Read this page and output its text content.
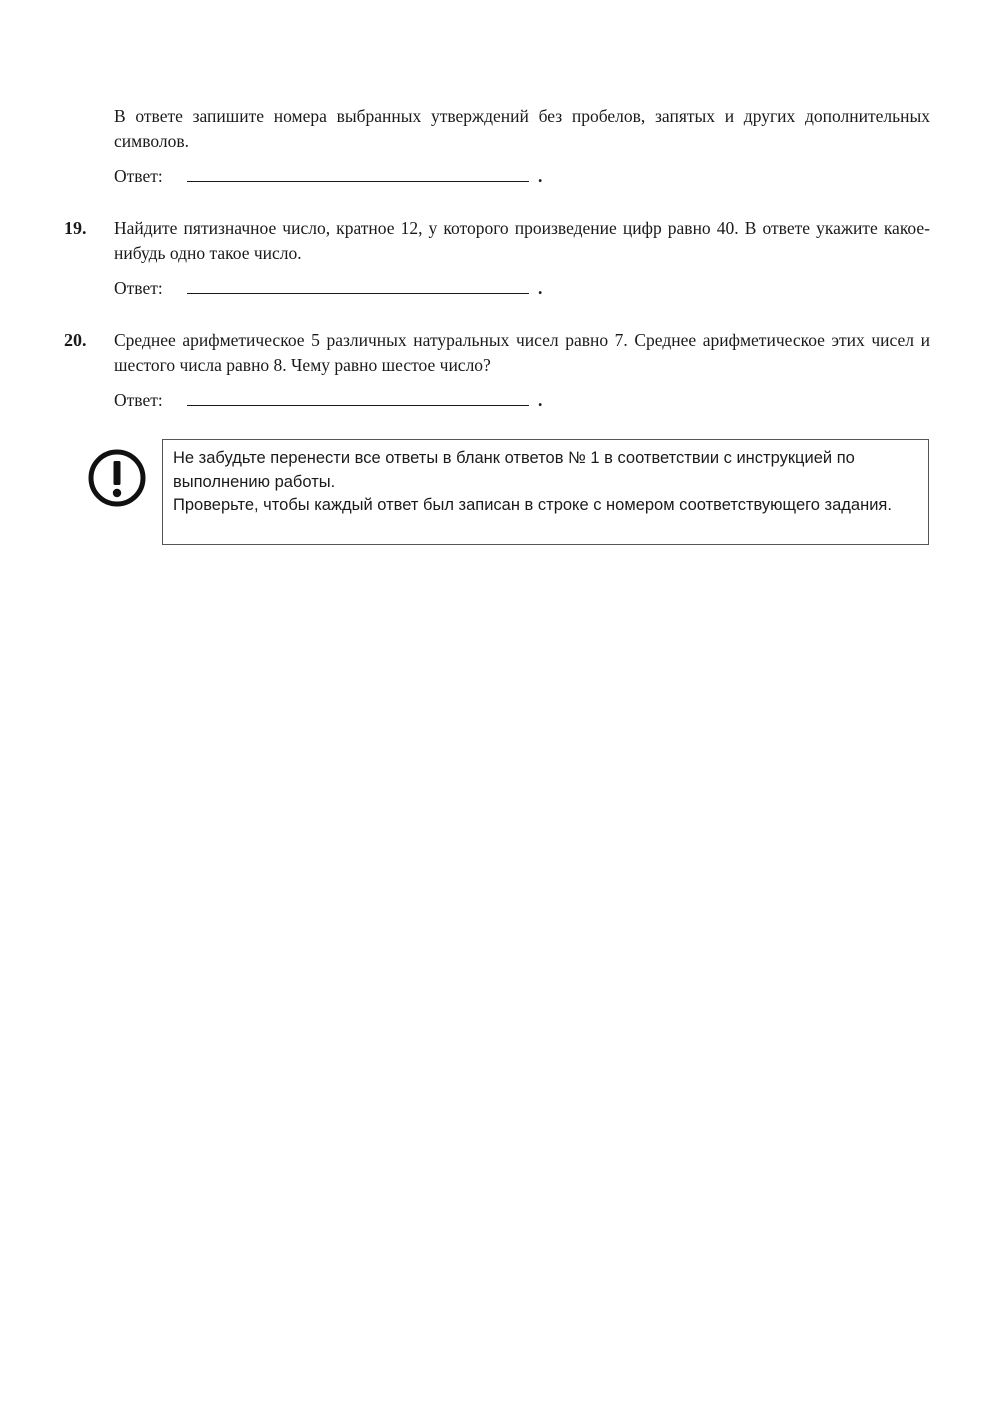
В ответе запишите номера выбранных утверждений без пробелов, запятых и других дополнительных символов.
Ответ:	.
19. Найдите пятизначное число, кратное 12, у которого произведение цифр равно 40. В ответе укажите какое-нибудь одно такое число.
Ответ:	.
20. Среднее арифметическое 5 различных натуральных чисел равно 7. Среднее арифметическое этих чисел и шестого числа равно 8. Чему равно шестое число?
Ответ:	.

Не забудьте перенести все ответы в бланк ответов № 1 в соответствии с инструкцией по выполнению работы.

Проверьте, чтобы каждый ответ был записан в строке с номером соответствующего задания.
